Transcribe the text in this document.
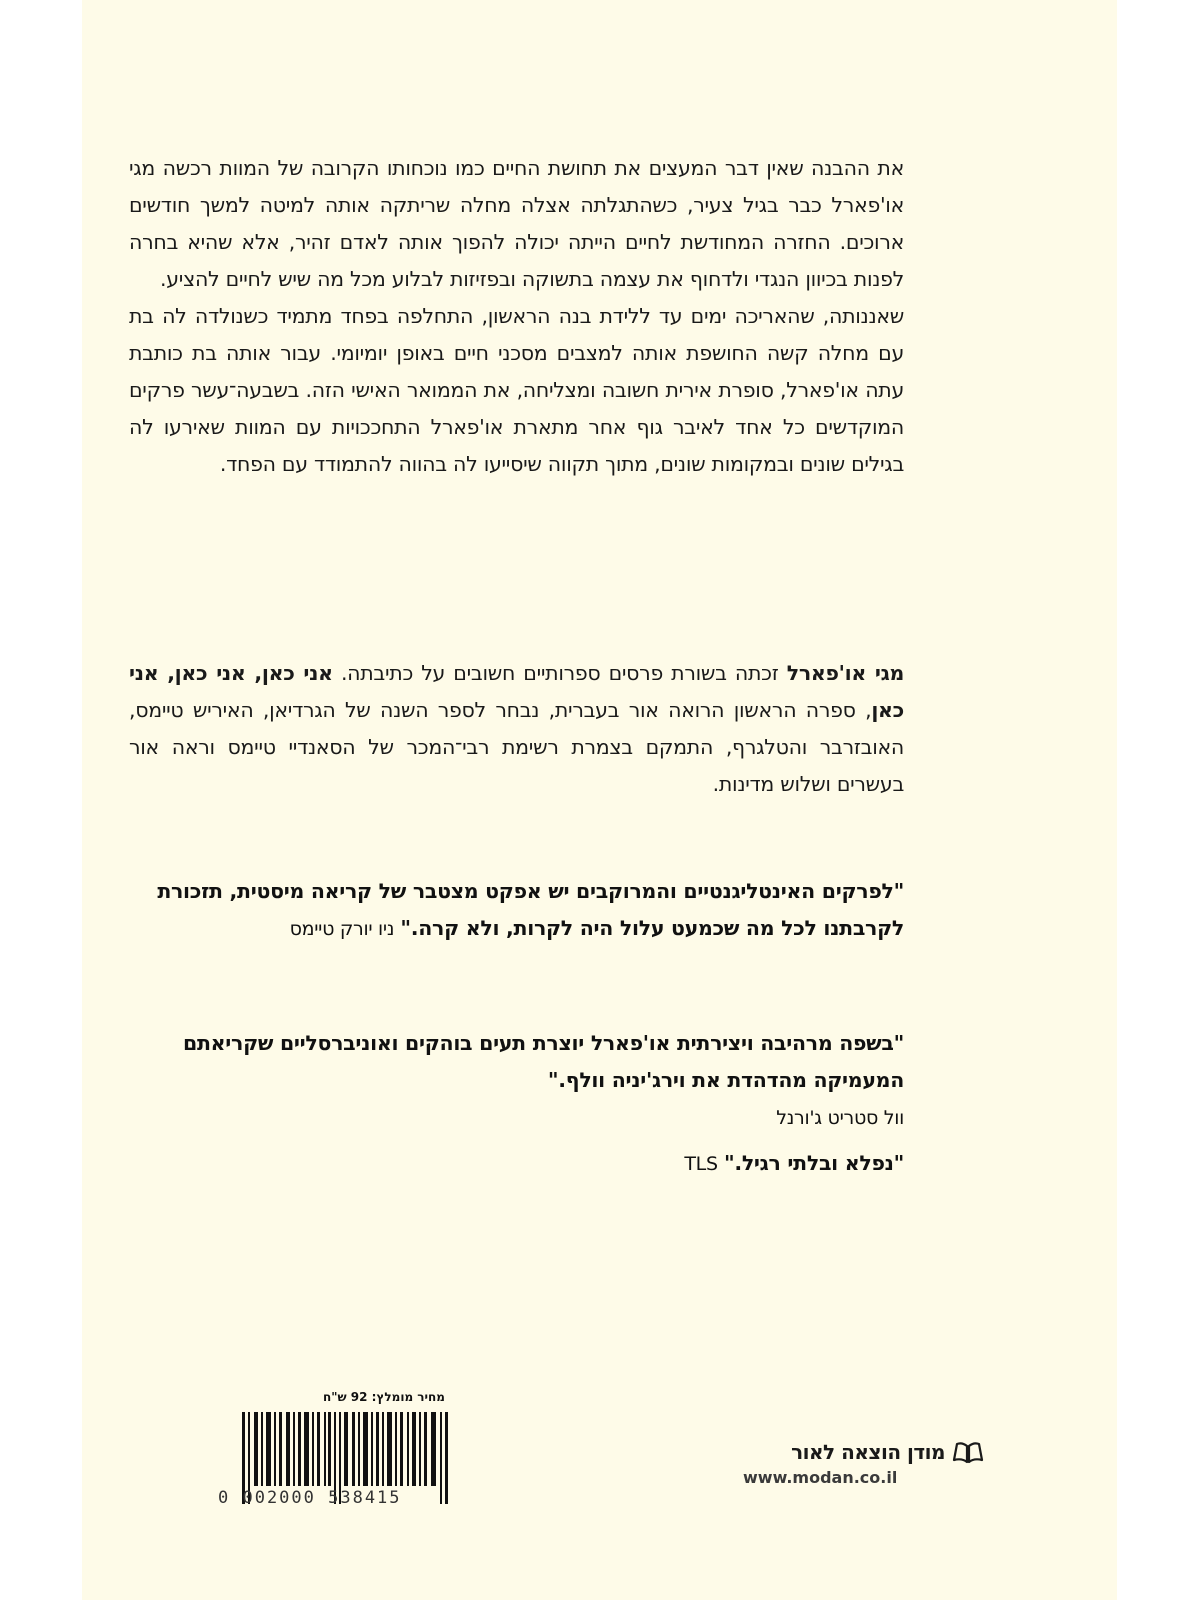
את ההבנה שאין דבר המעצים את תחושת החיים כמו נוכחותו הקרובה של המוות רכשה מגי או'פארל כבר בגיל צעיר, כשהתגלתה אצלה מחלה שריתקה אותה למיטה למשך חודשים ארוכים. החזרה המחודשת לחיים הייתה יכולה להפוך אותה לאדם זהיר, אלא שהיא בחרה לפנות בכיוון הנגדי ולדחוף את עצמה בתשוקה ובפזיזות לבלוע מכל מה שיש לחיים להציע.

שאננותה, שהאריכה ימים עד ללידת בנה הראשון, התחלפה בפחד מתמיד כשנולדה לה בת עם מחלה קשה החושפת אותה למצבים מסכני חיים באופן יומיומי. עבור אותה בת כותבת עתה או'פארל, סופרת אירית חשובה ומצליחה, את הממואר האישי הזה. בשבעה־עשר פרקים המוקדשים כל אחד לאיבר גוף אחר מתארת או'פארל התחככויות עם המוות שאירעו לה בגילים שונים ובמקומות שונים, מתוך תקווה שיסייעו לה בהווה להתמודד עם הפחד.

מגי או'פארל זכתה בשורת פרסים ספרותיים חשובים על כתיבתה. אני כאן, אני כאן, אני כאן, ספרה הראשון הרואה אור בעברית, נבחר לספר השנה של הגרדיאן, האיריש טיימס, האובזרבר והטלגרף, התמקם בצמרת רשימת רבי־המכר של הסאנדיי טיימס וראה אור בעשרים ושלוש מדינות.

"לפרקים האינטליגנטיים והמרוקבים יש אפקט מצטבר של קריאה מיסטית, תזכורת לקרבתנו לכל מה שכמעט עלול היה לקרות, ולא קרה." ניו יורק טיימס

"בשפה מרהיבה ויצירתית או'פארל יוצרת תעים בוהקים ואוניברסליים שקריאתם המעמיקה מהדהדת את וירג'יניה וולף."

וול סטריט ג'ורנל

"נפלא ובלתי רגיל." TLS

מחיר מומלץ: 92 ש"ח
0 002000 538415
מודן הוצאה לאור
www.modan.co.il
